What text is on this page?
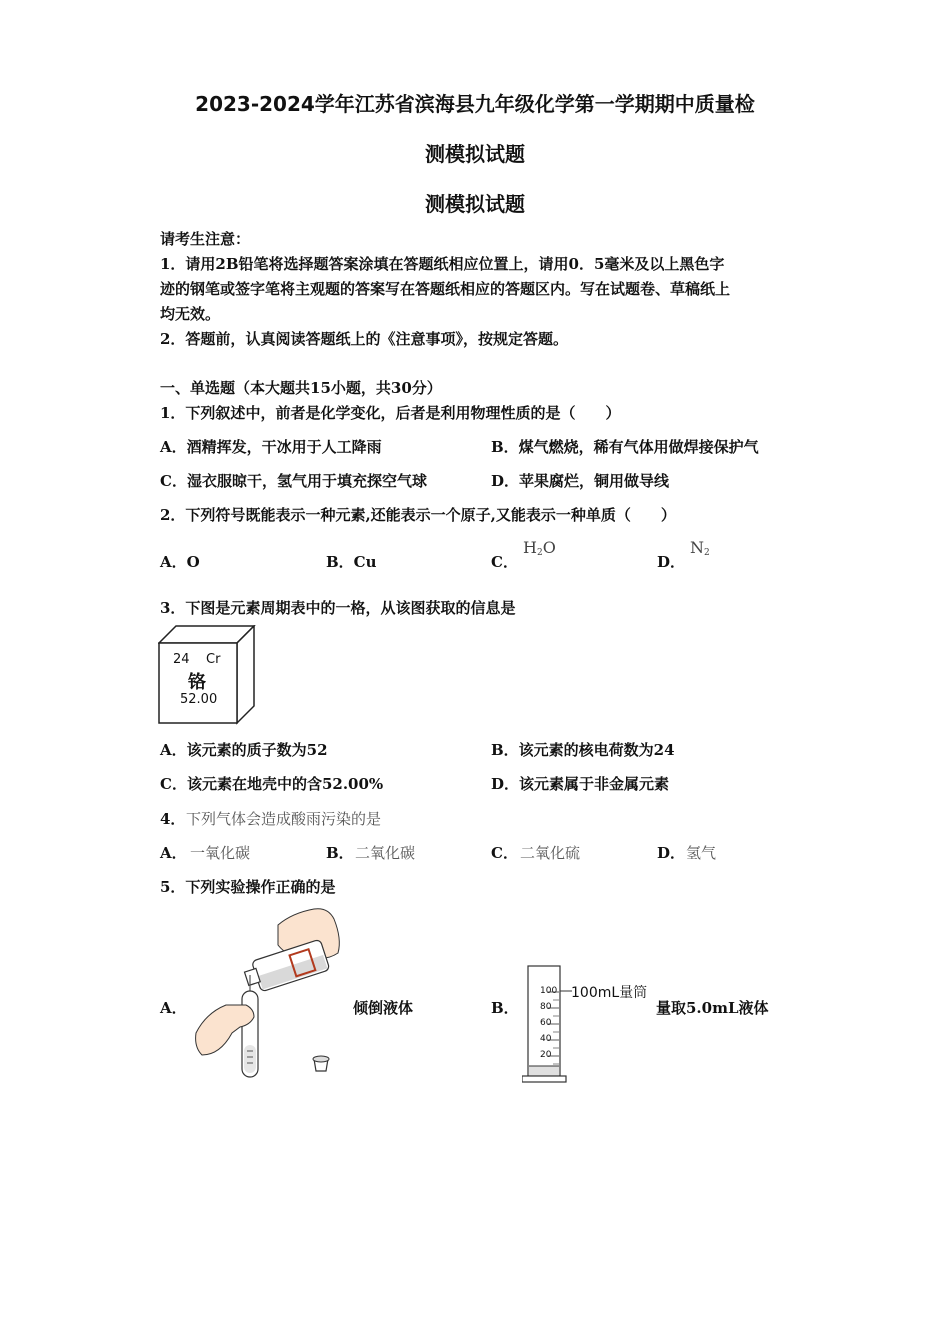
2023-2024学年江苏省滨海县九年级化学第一学期期中质量检
测模拟试题
测模拟试题
请考生注意：
1．请用2B铅笔将选择题答案涂填在答题纸相应位置上，请用0．5毫米及以上黑色字
迹的钢笔或签字笔将主观题的答案写在答题纸相应的答题区内。写在试题卷、草稿纸上
均无效。
2．答题前，认真阅读答题纸上的《注意事项》，按规定答题。
一、单选题（本大题共15小题，共30分）
1．下列叙述中，前者是化学变化，后者是利用物理性质的是（　　）
A．酒精挥发，干冰用于人工降雨	B．煤气燃烧，稀有气体用做焊接保护气
C．湿衣服晾干，氢气用于填充探空气球	D．苹果腐烂，铜用做导线
2．下列符号既能表示一种元素,还能表示一个原子,又能表示一种单质（　　）
A．O	B．Cu	C．
$H_2O$
D．
$N_2$
3．下图是元素周期表中的一格，从该图获取的信息是
24 Cr
铬
52.00
A．该元素的质子数为52	B．该元素的核电荷数为24
C．该元素在地壳中的含52.00%	D．该元素属于非金属元素
4． 下列气体会造成酸雨污染的是
A． 一氧化碳	B． 二氧化碳	C． 二氧化硫	D． 氢气
5．下列实验操作正确的是
A．	倾倒液体	B．
100
80
60
40
20
100mL量筒
量取5.0mL液体
